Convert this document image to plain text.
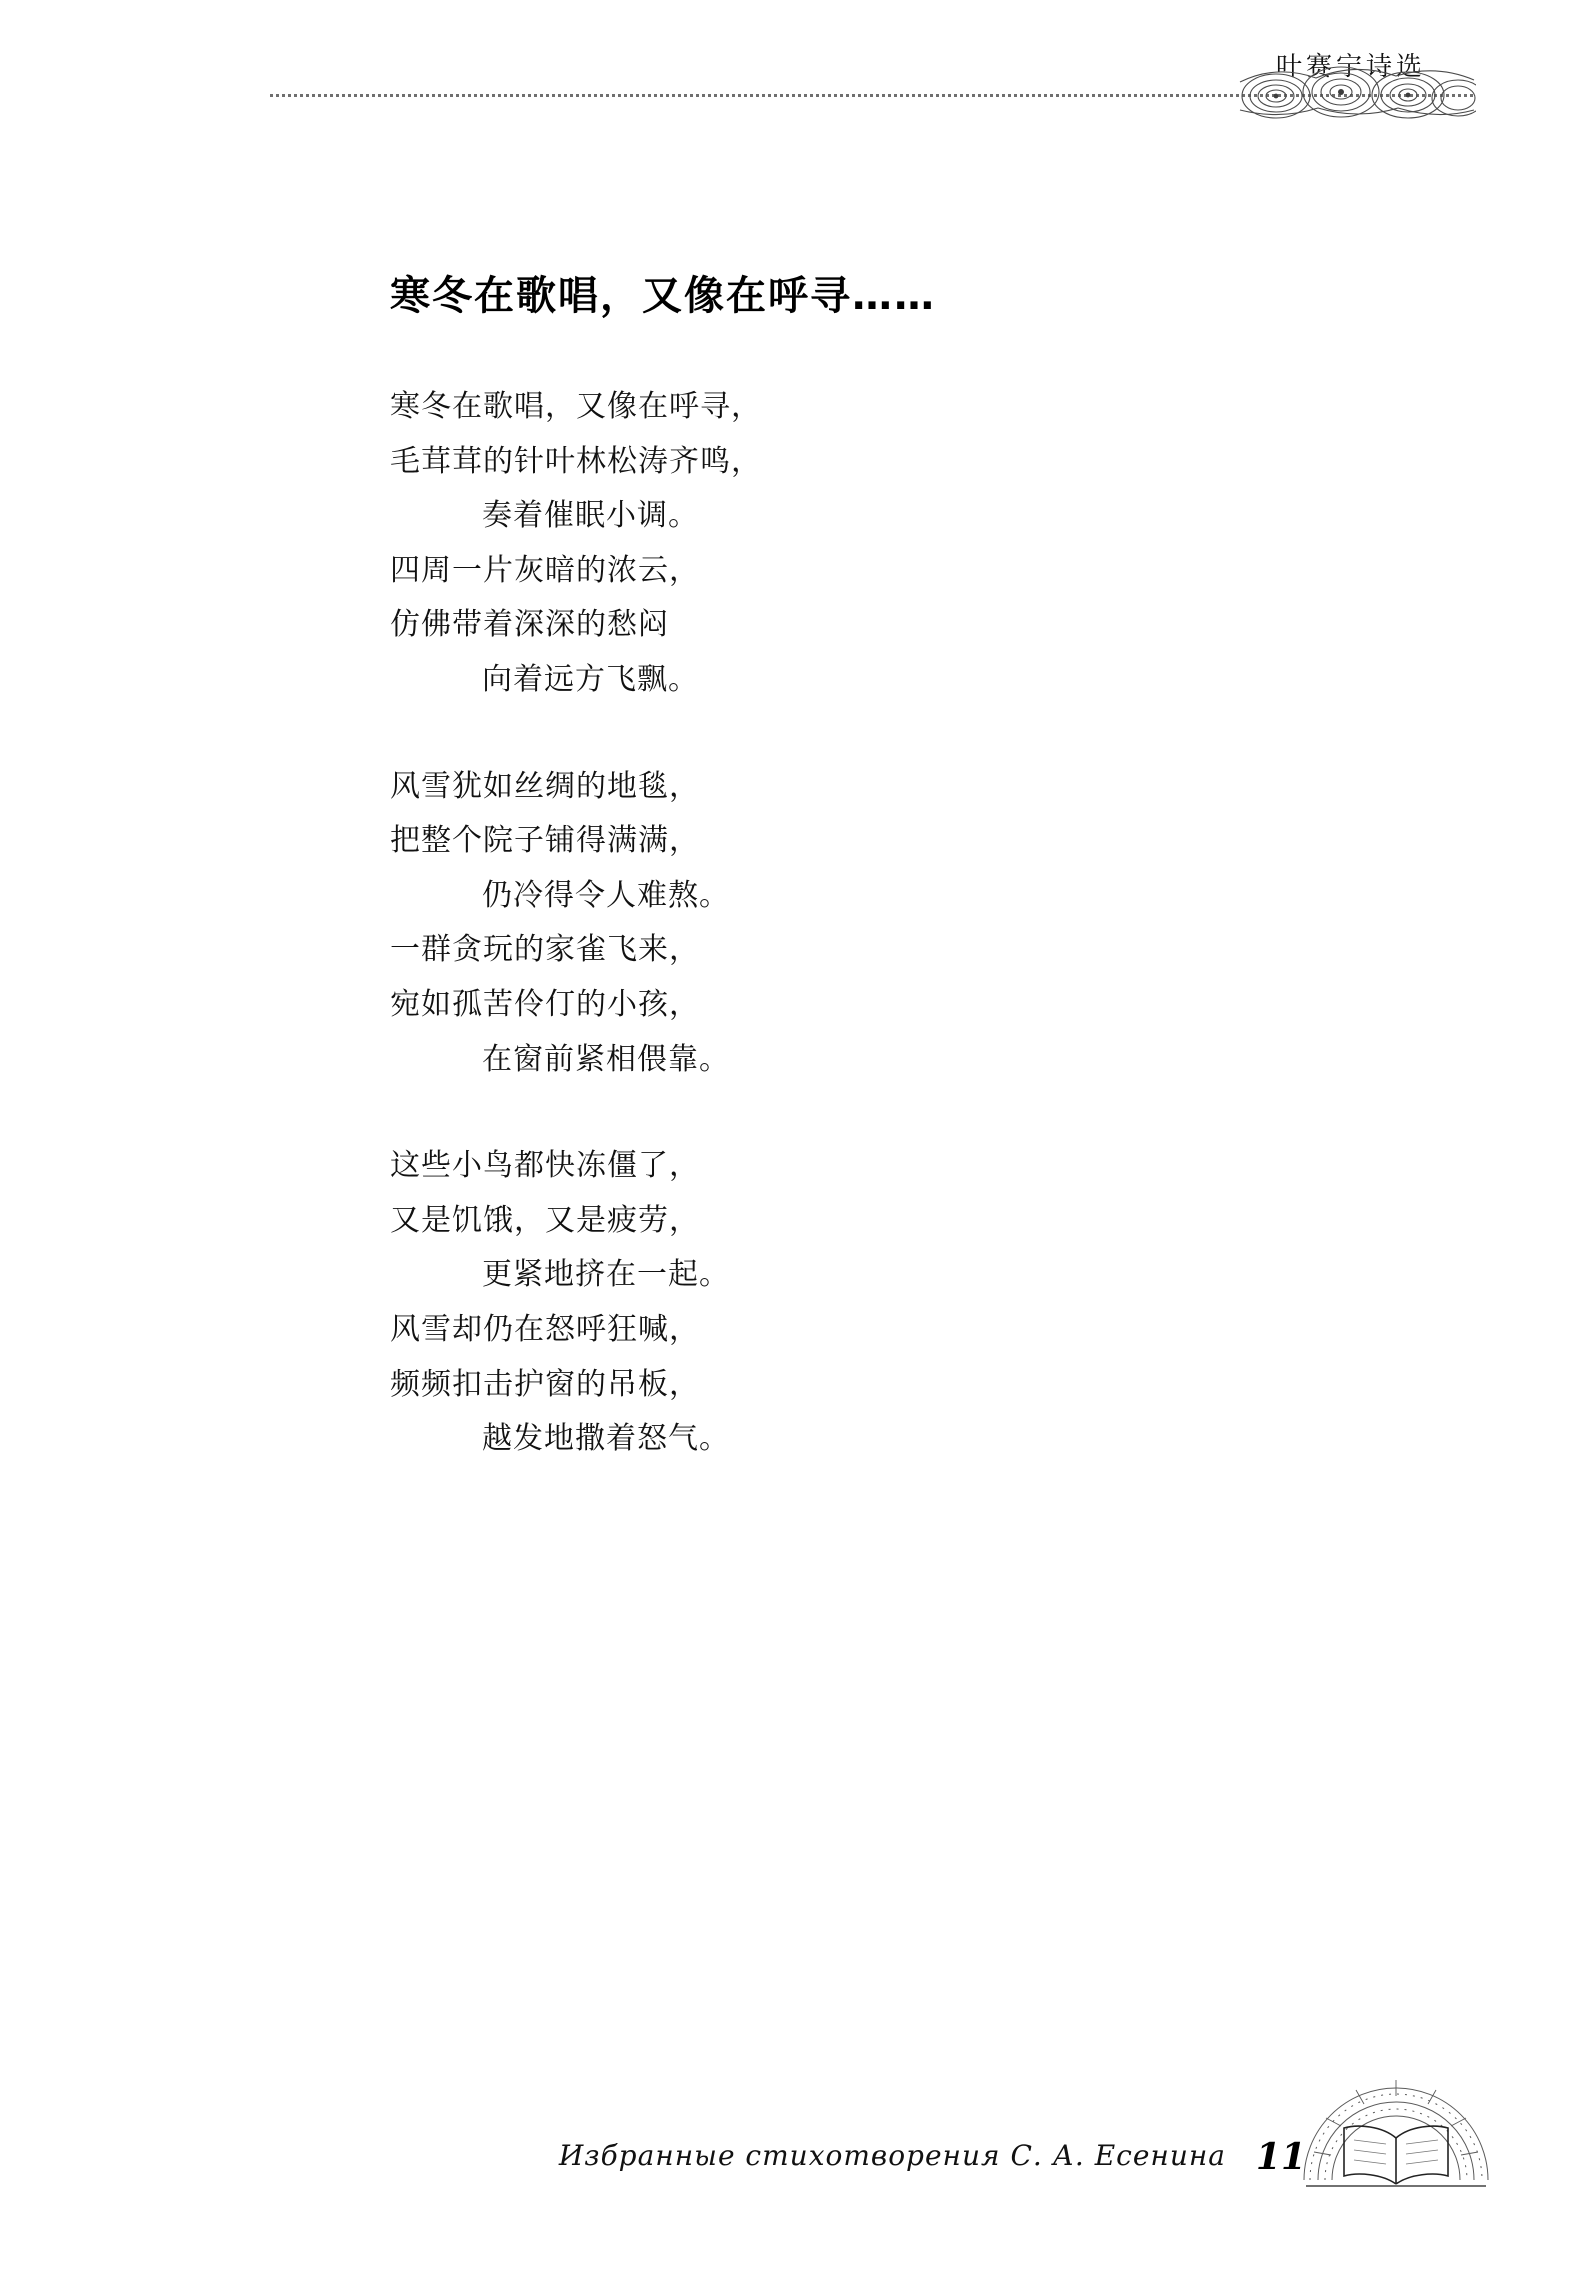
叶赛宁诗选
寒冬在歌唱，又像在呼寻……
寒冬在歌唱，又像在呼寻，
毛茸茸的针叶林松涛齐鸣，
奏着催眠小调。
四周一片灰暗的浓云，
仿佛带着深深的愁闷
向着远方飞飘。
风雪犹如丝绸的地毯，
把整个院子铺得满满，
仍冷得令人难熬。
一群贪玩的家雀飞来，
宛如孤苦伶仃的小孩，
在窗前紧相偎靠。
这些小鸟都快冻僵了，
又是饥饿，又是疲劳，
更紧地挤在一起。
风雪却仍在怒呼狂喊，
频频扣击护窗的吊板，
越发地撒着怒气。
Избранные стихотворения С. А. Есенина 11
